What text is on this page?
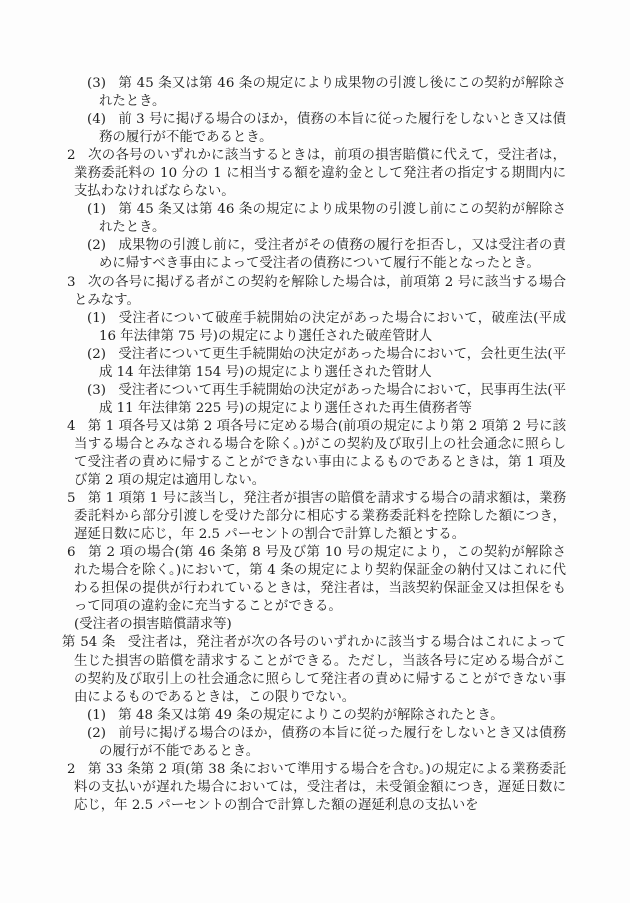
(3) 第 45 条又は第 46 条の規定により成果物の引渡し後にこの契約が解除されたとき。

(4) 前 3 号に掲げる場合のほか，債務の本旨に従った履行をしないとき又は債務の履行が不能であるとき。

2 次の各号のいずれかに該当するときは，前項の損害賠償に代えて，受注者は，業務委託料の 10 分の 1 に相当する額を違約金として発注者の指定する期間内に支払わなければならない。

(1) 第 45 条又は第 46 条の規定により成果物の引渡し前にこの契約が解除されたとき。

(2) 成果物の引渡し前に，受注者がその債務の履行を拒否し，又は受注者の責めに帰すべき事由によって受注者の債務について履行不能となったとき。

3 次の各号に掲げる者がこの契約を解除した場合は，前項第 2 号に該当する場合とみなす。

(1) 受注者について破産手続開始の決定があった場合において，破産法(平成 16 年法律第 75 号)の規定により選任された破産管財人

(2) 受注者について更生手続開始の決定があった場合において，会社更生法(平成 14 年法律第 154 号)の規定により選任された管財人

(3) 受注者について再生手続開始の決定があった場合において，民事再生法(平成 11 年法律第 225 号)の規定により選任された再生債務者等

4 第 1 項各号又は第 2 項各号に定める場合(前項の規定により第 2 項第 2 号に該当する場合とみなされる場合を除く。)がこの契約及び取引上の社会通念に照らして受注者の責めに帰することができない事由によるものであるときは，第 1 項及び第 2 項の規定は適用しない。

5 第 1 項第 1 号に該当し，発注者が損害の賠償を請求する場合の請求額は，業務委託料から部分引渡しを受けた部分に相応する業務委託料を控除した額につき，遅延日数に応じ，年 2.5 パーセントの割合で計算した額とする。

6 第 2 項の場合(第 46 条第 8 号及び第 10 号の規定により，この契約が解除された場合を除く。)において，第 4 条の規定により契約保証金の納付又はこれに代わる担保の提供が行われているときは，発注者は，当該契約保証金又は担保をもって同項の違約金に充当することができる。

(受注者の損害賠償請求等)

第 54 条 受注者は，発注者が次の各号のいずれかに該当する場合はこれによって生じた損害の賠償を請求することができる。ただし，当該各号に定める場合がこの契約及び取引上の社会通念に照らして発注者の責めに帰することができない事由によるものであるときは，この限りでない。

(1) 第 48 条又は第 49 条の規定によりこの契約が解除されたとき。

(2) 前号に掲げる場合のほか，債務の本旨に従った履行をしないとき又は債務の履行が不能であるとき。

2 第 33 条第 2 項(第 38 条において準用する場合を含む。)の規定による業務委託料の支払いが遅れた場合においては，受注者は，未受領金額につき，遅延日数に応じ，年 2.5 パーセントの割合で計算した額の遅延利息の支払いを
